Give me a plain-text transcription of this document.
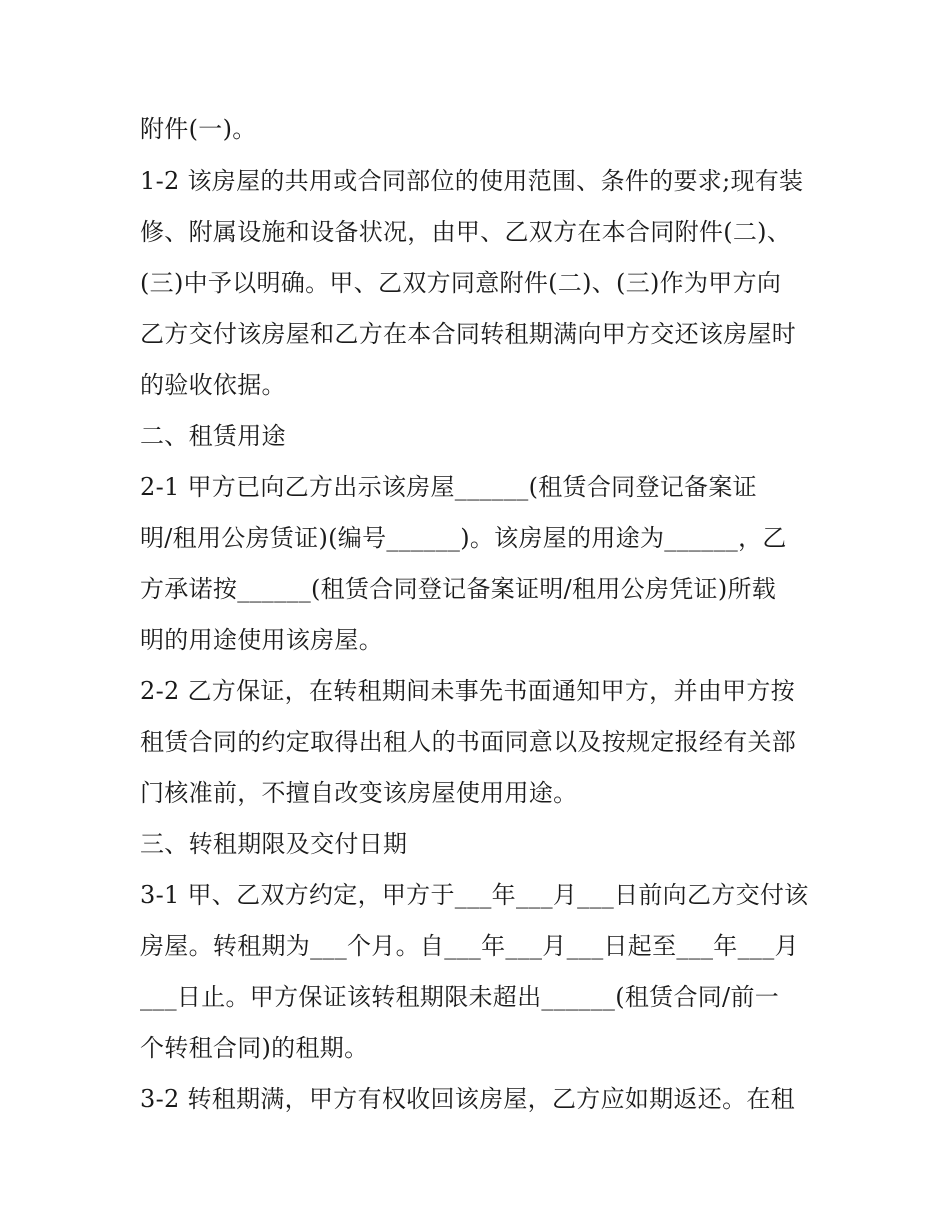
附件(一)。
1-2 该房屋的共用或合同部位的使用范围、条件的要求;现有装
修、附属设施和设备状况，由甲、乙双方在本合同附件(二)、
(三)中予以明确。甲、乙双方同意附件(二)、(三)作为甲方向
乙方交付该房屋和乙方在本合同转租期满向甲方交还该房屋时
的验收依据。
二、租赁用途
2-1 甲方已向乙方出示该房屋______(租赁合同登记备案证
明/租用公房赁证)(编号______)。该房屋的用途为______，乙
方承诺按______(租赁合同登记备案证明/租用公房凭证)所载
明的用途使用该房屋。
2-2 乙方保证，在转租期间未事先书面通知甲方，并由甲方按
租赁合同的约定取得出租人的书面同意以及按规定报经有关部
门核准前，不擅自改变该房屋使用用途。
三、转租期限及交付日期
3-1 甲、乙双方约定，甲方于___年___月___日前向乙方交付该
房屋。转租期为___个月。自___年___月___日起至___年___月
___日止。甲方保证该转租期限未超出______(租赁合同/前一
个转租合同)的租期。
3-2 转租期满，甲方有权收回该房屋，乙方应如期返还。在租
